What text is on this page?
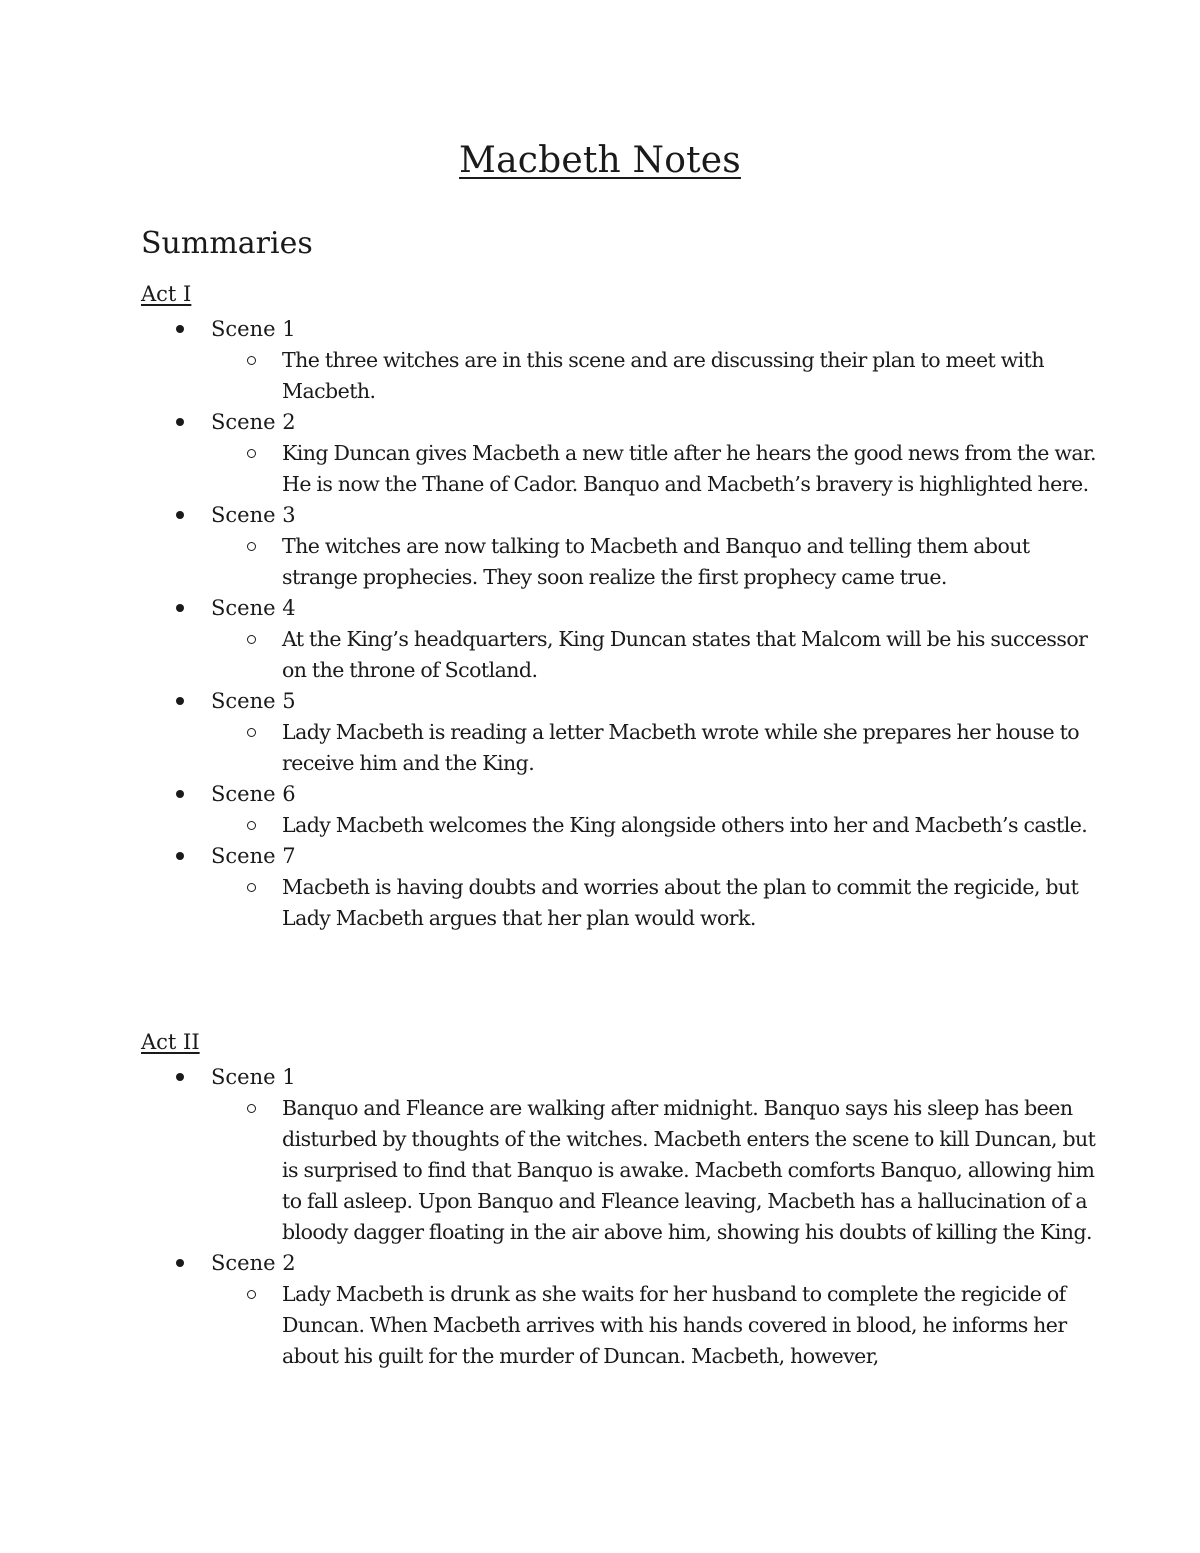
Macbeth Notes
Summaries
Act I
Scene 1
The three witches are in this scene and are discussing their plan to meet with Macbeth.
Scene 2
King Duncan gives Macbeth a new title after he hears the good news from the war. He is now the Thane of Cador. Banquo and Macbeth’s bravery is highlighted here.
Scene 3
The witches are now talking to Macbeth and Banquo and telling them about strange prophecies. They soon realize the first prophecy came true.
Scene 4
At the King’s headquarters, King Duncan states that Malcom will be his successor on the throne of Scotland.
Scene 5
Lady Macbeth is reading a letter Macbeth wrote while she prepares her house to receive him and the King.
Scene 6
Lady Macbeth welcomes the King alongside others into her and Macbeth’s castle.
Scene 7
Macbeth is having doubts and worries about the plan to commit the regicide, but Lady Macbeth argues that her plan would work.
Act II
Scene 1
Banquo and Fleance are walking after midnight. Banquo says his sleep has been disturbed by thoughts of the witches. Macbeth enters the scene to kill Duncan, but is surprised to find that Banquo is awake. Macbeth comforts Banquo, allowing him to fall asleep. Upon Banquo and Fleance leaving, Macbeth has a hallucination of a bloody dagger floating in the air above him, showing his doubts of killing the King.
Scene 2
Lady Macbeth is drunk as she waits for her husband to complete the regicide of Duncan. When Macbeth arrives with his hands covered in blood, he informs her about his guilt for the murder of Duncan. Macbeth, however,
